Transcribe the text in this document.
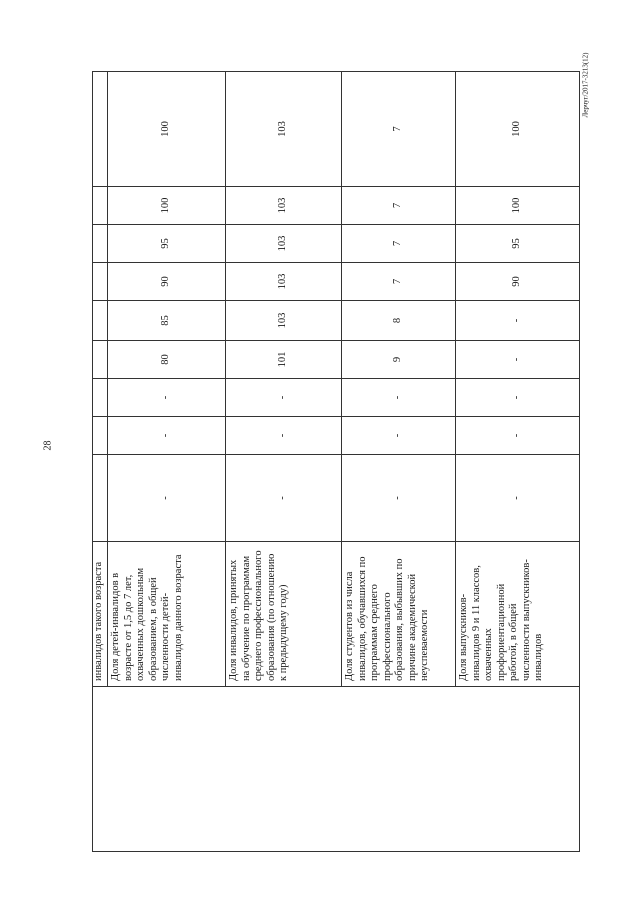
28
Лерчуг/2017-3213(12)
	инвалидов такого возраста									
	Доля детей-инвалидов в возрасте от 1,5 до 7 лет, охваченных дошкольным образованием, в общей численности детей-инвалидов данного возраста	-	-	-	80	85	90	95	100	100
	Доля инвалидов, принятых на обучение по программам среднего профессионального образования (по отношению к предыдущему году)	-	-	-	101	103	103	103	103	103
	Доля студентов из числа инвалидов, обучавшихся по программам среднего профессионального образования, выбывших по причине академической неуспеваемости	-	-	-	9	8	7	7	7	7
	Доля выпускников-инвалидов 9 и 11 классов, охваченных профориентационной работой, в общей численности выпускников-инвалидов	-	-	-	-	-	90	95	100	100
